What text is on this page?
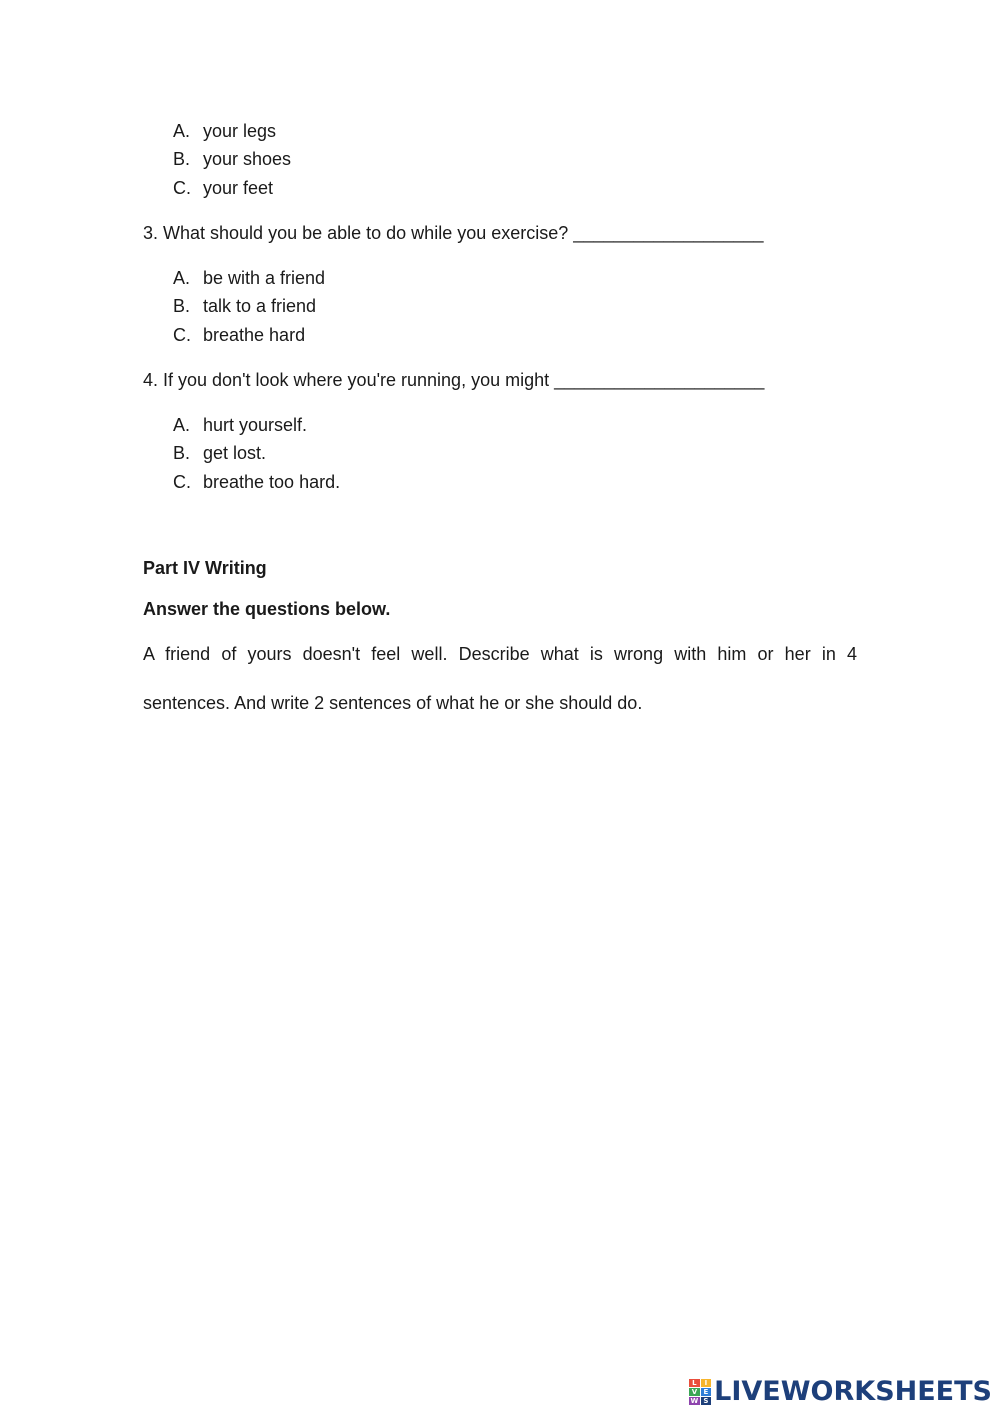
A. your legs
B. your shoes
C. your feet
3. What should you be able to do while you exercise? ___________________
A. be with a friend
B. talk to a friend
C. breathe hard
4. If you don't look where you're running, you might _____________________
A. hurt yourself.
B. get lost.
C. breathe too hard.
Part IV Writing
Answer the questions below.
A friend of yours doesn't feel well. Describe what is wrong with him or her in 4
sentences. And write 2 sentences of what he or she should do.
L	I
V E
W S LIVEWORKSHEETS
